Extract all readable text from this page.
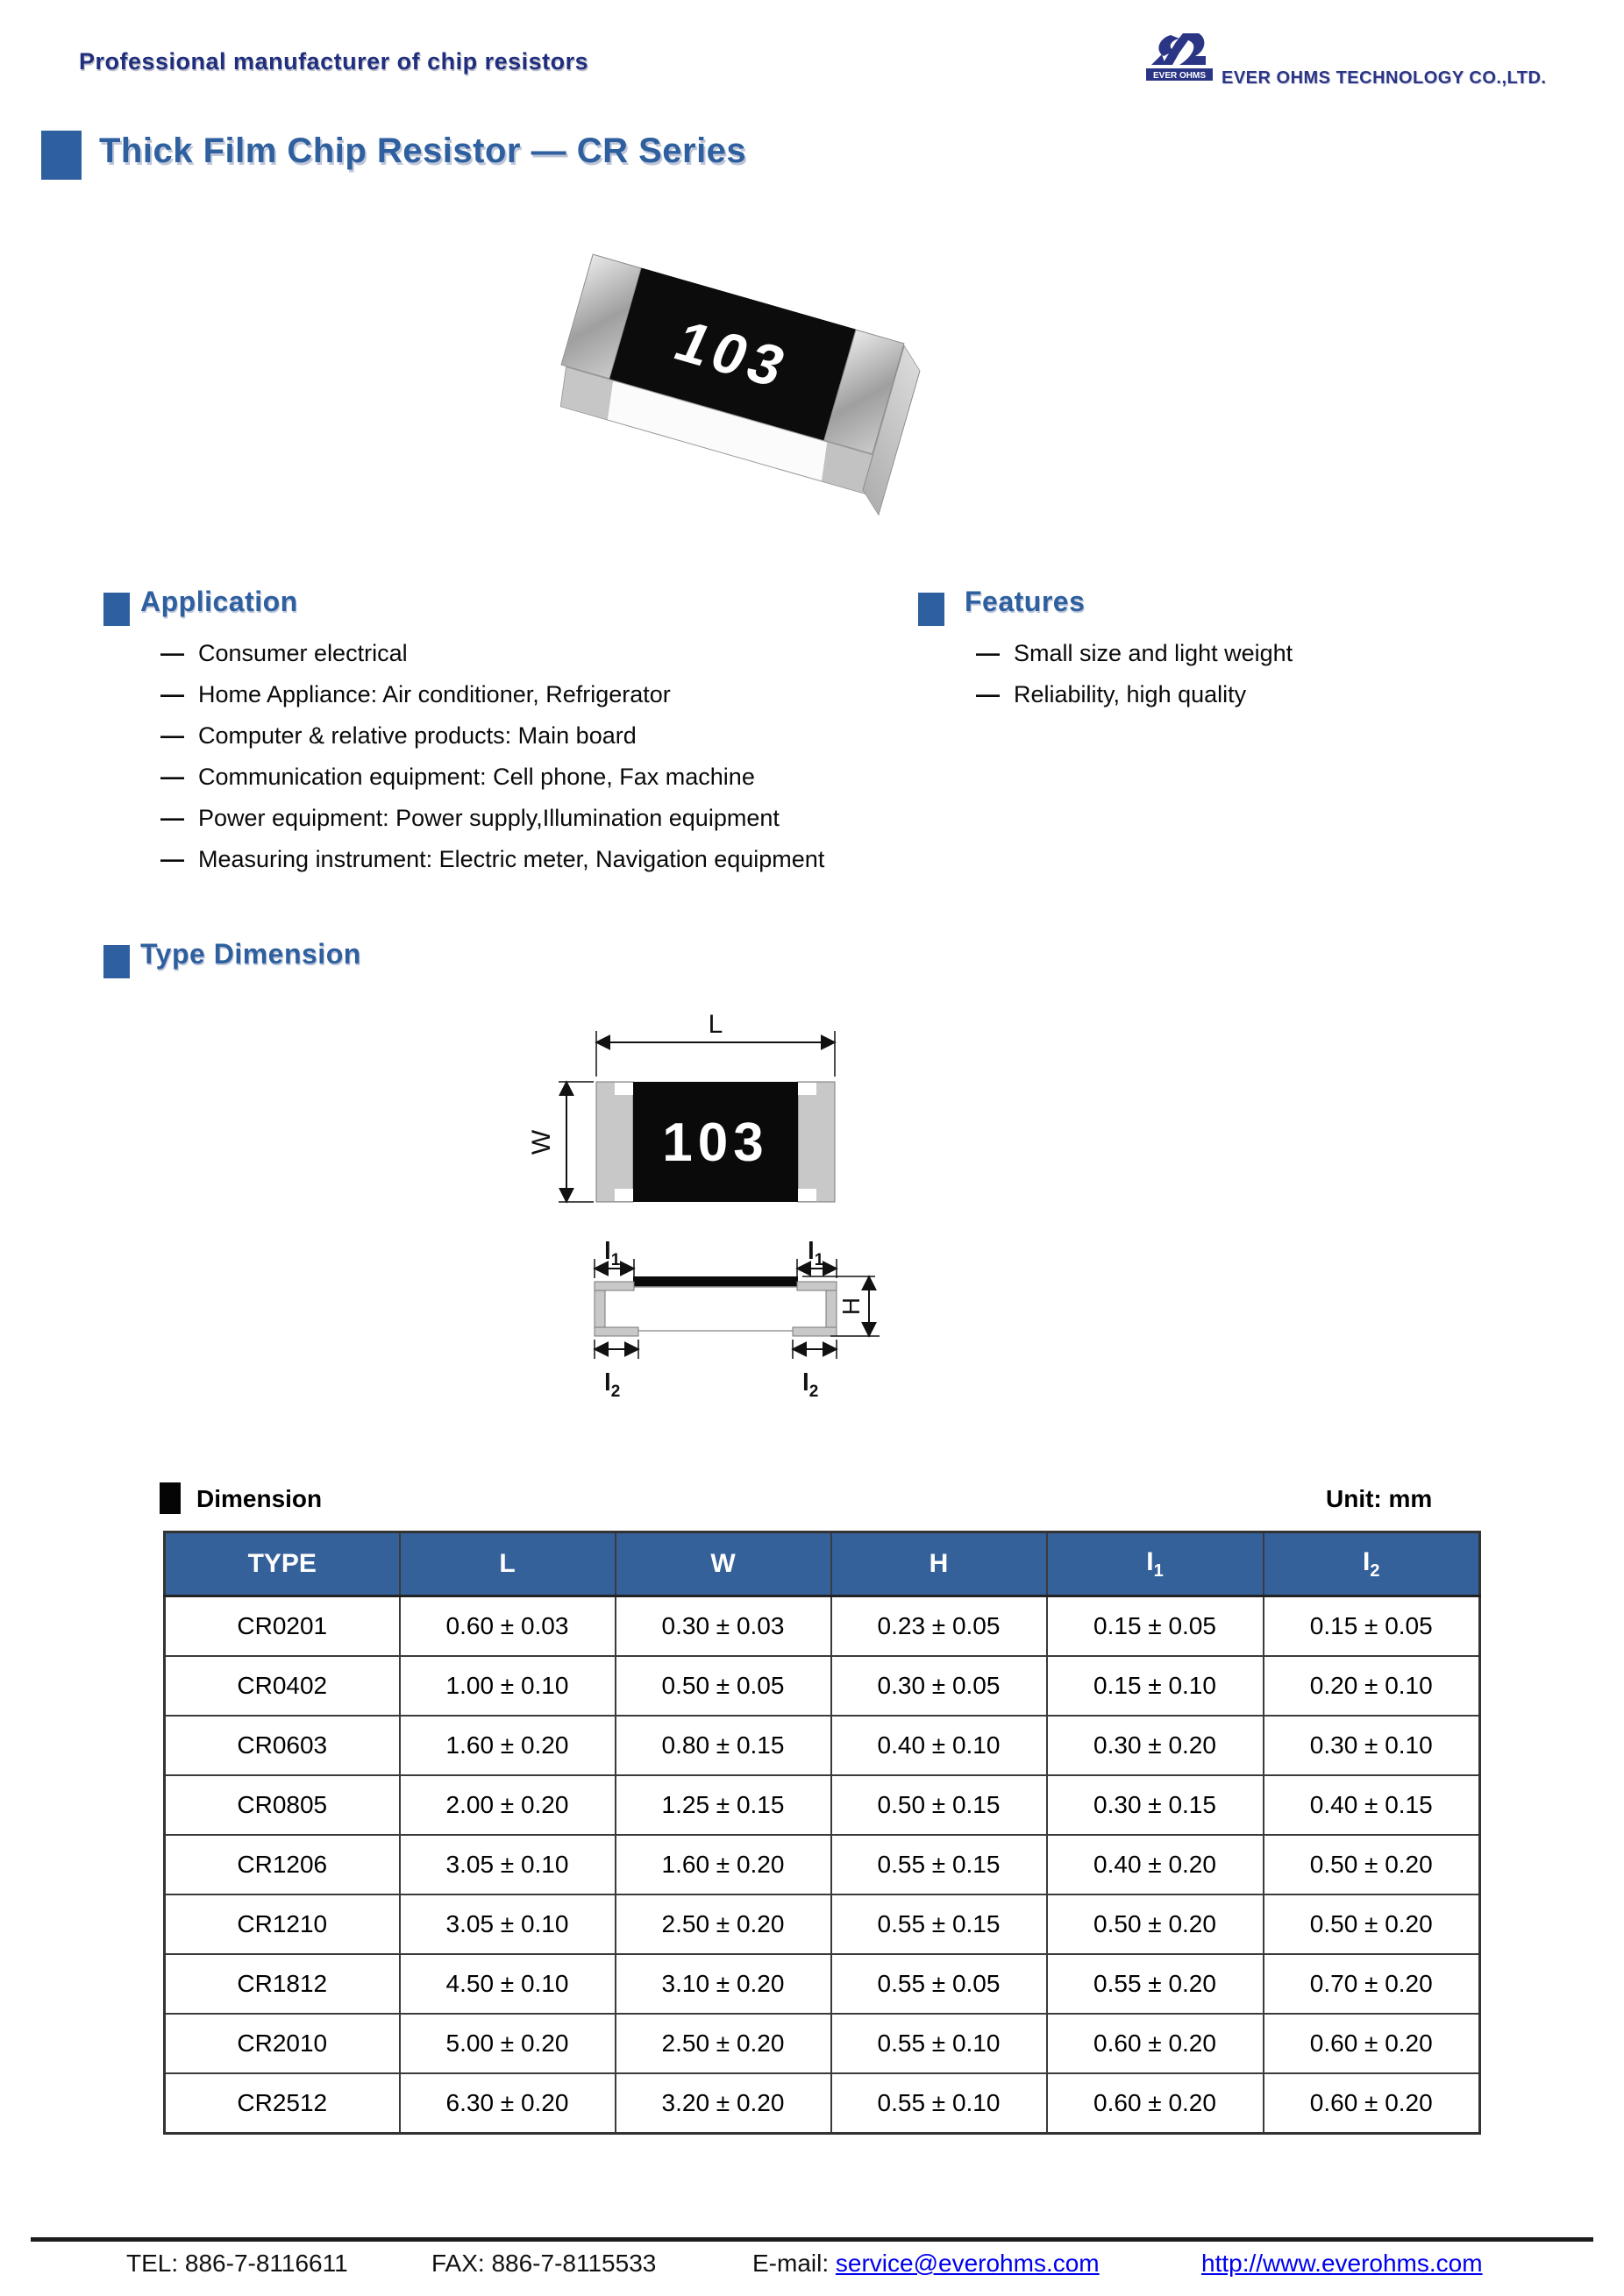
Professional manufacturer of chip resistors
EVER OHMS EVER OHMS TECHNOLOGY CO.,LTD.
Thick Film Chip Resistor — CR Series
103
Application
— Consumer electrical
— Home Appliance: Air conditioner, Refrigerator
— Computer & relative products: Main board
— Communication equipment: Cell phone, Fax machine
— Power equipment: Power supply,Illumination equipment
— Measuring instrument: Electric meter, Navigation equipment
Features
— Small size and light weight
— Reliability, high quality
Type Dimension
L
103
W
$l_1$	$l_1$
$l_2$	$l_2$
H
Dimension	Unit: mm
TYPE	L	W	H	$I_1$	$I_2$
CR0201	0.60 ± 0.03	0.30 ± 0.03	0.23 ± 0.05	0.15 ± 0.05	0.15 ± 0.05
CR0402	1.00 ± 0.10	0.50 ± 0.05	0.30 ± 0.05	0.15 ± 0.10	0.20 ± 0.10
CR0603	1.60 ± 0.20	0.80 ± 0.15	0.40 ± 0.10	0.30 ± 0.20	0.30 ± 0.10
CR0805	2.00 ± 0.20	1.25 ± 0.15	0.50 ± 0.15	0.30 ± 0.15	0.40 ± 0.15
CR1206	3.05 ± 0.10	1.60 ± 0.20	0.55 ± 0.15	0.40 ± 0.20	0.50 ± 0.20
CR1210	3.05 ± 0.10	2.50 ± 0.20	0.55 ± 0.15	0.50 ± 0.20	0.50 ± 0.20
CR1812	4.50 ± 0.10	3.10 ± 0.20	0.55 ± 0.05	0.55 ± 0.20	0.70 ± 0.20
CR2010	5.00 ± 0.20	2.50 ± 0.20	0.55 ± 0.10	0.60 ± 0.20	0.60 ± 0.20
CR2512	6.30 ± 0.20	3.20 ± 0.20	0.55 ± 0.10	0.60 ± 0.20	0.60 ± 0.20
TEL: 886-7-8116611	FAX: 886-7-8115533	E-mail: service@everohms.com	http://www.everohms.com
